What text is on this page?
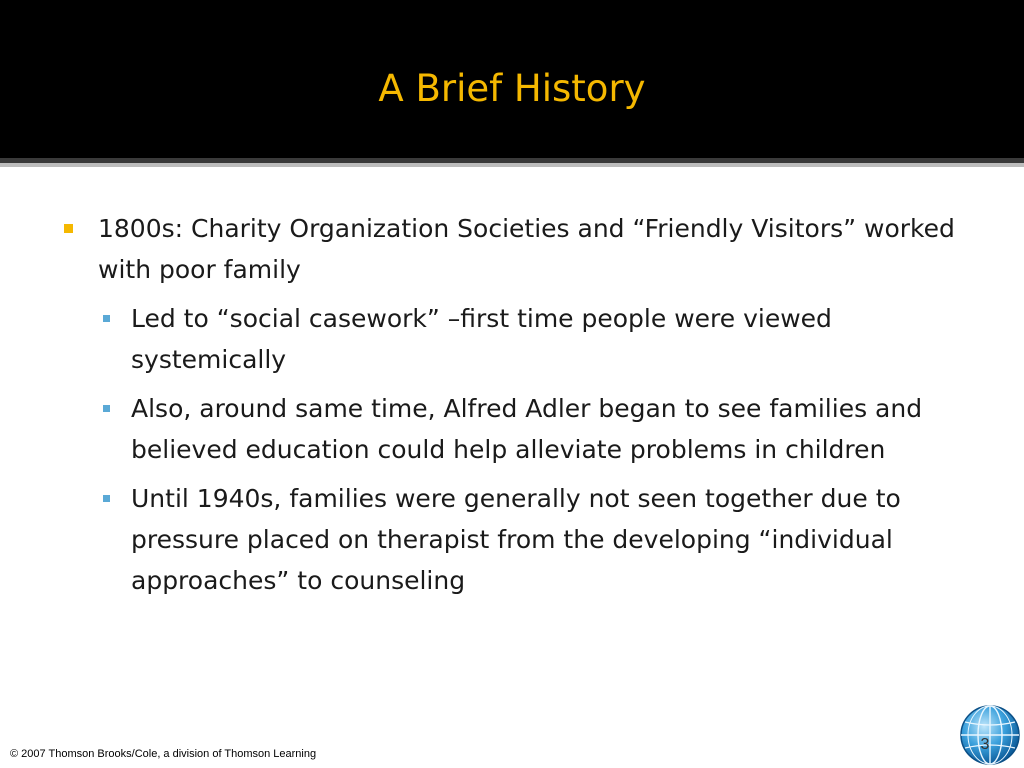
A Brief History
1800s: Charity Organization Societies and “Friendly Visitors” worked with poor family
Led to “social casework” –first time people were viewed systemically
Also, around same time, Alfred Adler began to see families and believed education could help alleviate problems in children
Until 1940s, families were generally not seen together due to pressure placed on therapist from the developing “individual approaches” to counseling
© 2007 Thomson Brooks/Cole, a division of Thomson Learning
3
